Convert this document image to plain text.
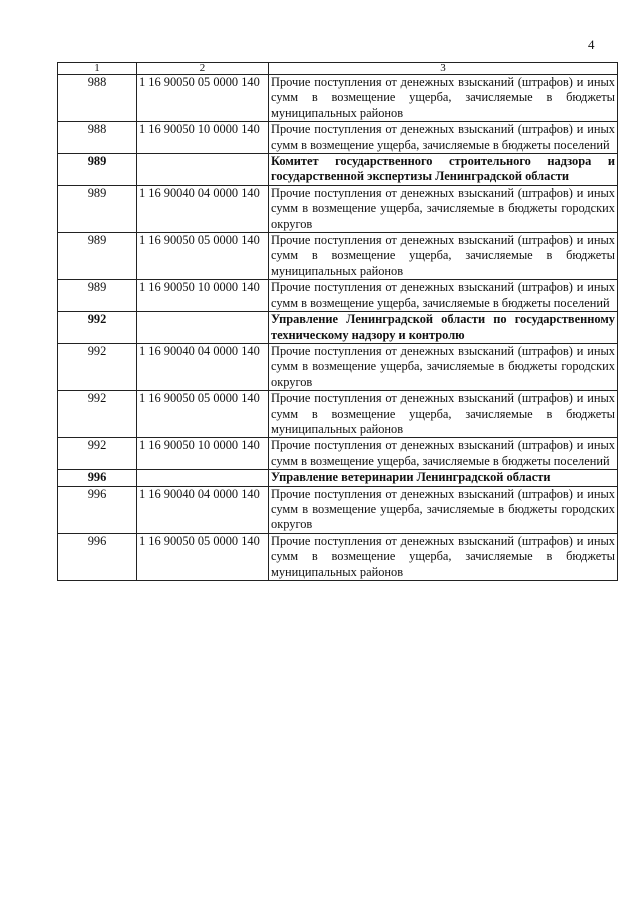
4
1	2	3
988	1 16 90050 05 0000 140	Прочие поступления от денежных взысканий (штрафов) и иных сумм в возмещение ущерба, зачисляемые в бюджеты муниципальных районов
988	1 16 90050 10 0000 140	Прочие поступления от денежных взысканий (штрафов) и иных сумм в возмещение ущерба, зачисляемые в бюджеты поселений
989		Комитет государственного строительного надзора и государственной экспертизы Ленинградской области
989	1 16 90040 04 0000 140	Прочие поступления от денежных взысканий (штрафов) и иных сумм в возмещение ущерба, зачисляемые в бюджеты городских округов
989	1 16 90050 05 0000 140	Прочие поступления от денежных взысканий (штрафов) и иных сумм в возмещение ущерба, зачисляемые в бюджеты муниципальных районов
989	1 16 90050 10 0000 140	Прочие поступления от денежных взысканий (штрафов) и иных сумм в возмещение ущерба, зачисляемые в бюджеты поселений
992		Управление Ленинградской области по государственному техническому надзору и контролю
992	1 16 90040 04 0000 140	Прочие поступления от денежных взысканий (штрафов) и иных сумм в возмещение ущерба, зачисляемые в бюджеты городских округов
992	1 16 90050 05 0000 140	Прочие поступления от денежных взысканий (штрафов) и иных сумм в возмещение ущерба, зачисляемые в бюджеты муниципальных районов
992	1 16 90050 10 0000 140	Прочие поступления от денежных взысканий (штрафов) и иных сумм в возмещение ущерба, зачисляемые в бюджеты поселений
996		Управление ветеринарии Ленинградской области
996	1 16 90040 04 0000 140	Прочие поступления от денежных взысканий (штрафов) и иных сумм в возмещение ущерба, зачисляемые в бюджеты городских округов
996	1 16 90050 05 0000 140	Прочие поступления от денежных взысканий (штрафов) и иных сумм в возмещение ущерба, зачисляемые в бюджеты муниципальных районов
